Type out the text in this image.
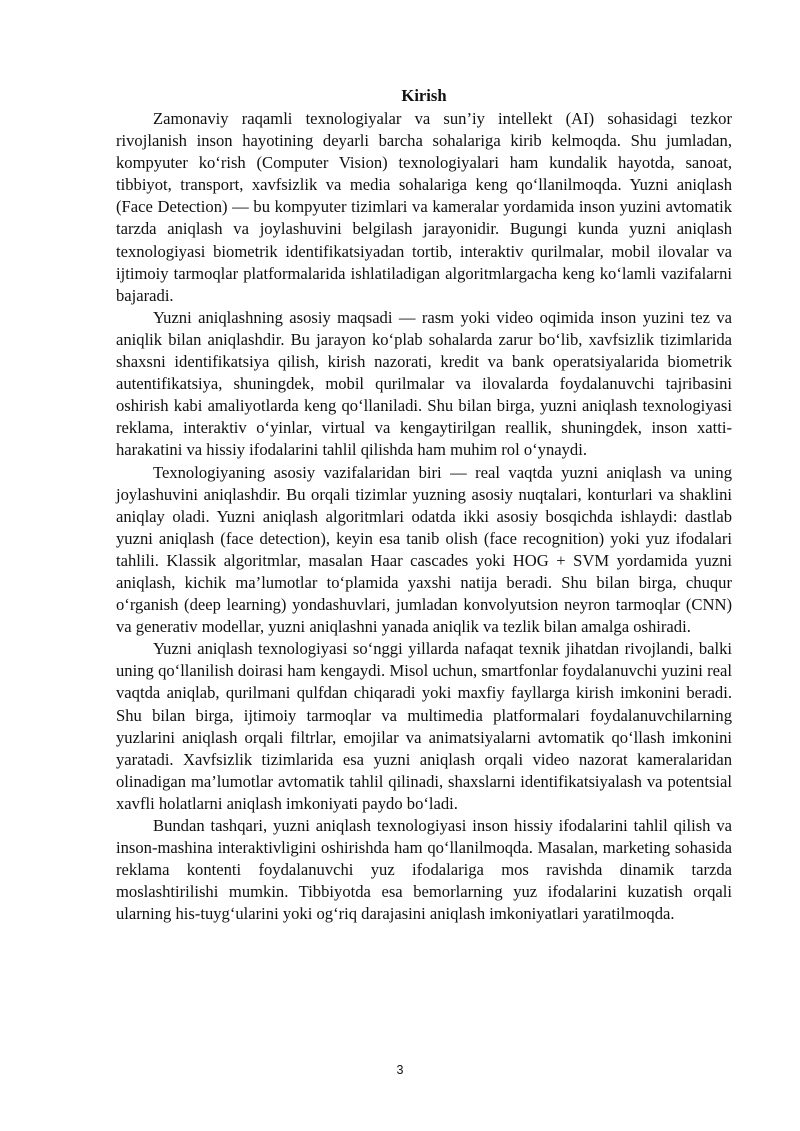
Kirish

Zamonaviy raqamli texnologiyalar va sun’iy intellekt (AI) sohasidagi tezkor rivojlanish inson hayotining deyarli barcha sohalariga kirib kelmoqda. Shu jumladan, kompyuter ko‘rish (Computer Vision) texnologiyalari ham kundalik hayotda, sanoat, tibbiyot, transport, xavfsizlik va media sohalariga keng qo‘llanilmoqda. Yuzni aniqlash (Face Detection) — bu kompyuter tizimlari va kameralar yordamida inson yuzini avtomatik tarzda aniqlash va joylashuvini belgilash jarayonidir. Bugungi kunda yuzni aniqlash texnologiyasi biometrik identifikatsiyadan tortib, interaktiv qurilmalar, mobil ilovalar va ijtimoiy tarmoqlar platformalarida ishlatiladigan algoritmlargacha keng ko‘lamli vazifalarni bajaradi.

Yuzni aniqlashning asosiy maqsadi — rasm yoki video oqimida inson yuzini tez va aniqlik bilan aniqlashdir. Bu jarayon ko‘plab sohalarda zarur bo‘lib, xavfsizlik tizimlarida shaxsni identifikatsiya qilish, kirish nazorati, kredit va bank operatsiyalarida biometrik autentifikatsiya, shuningdek, mobil qurilmalar va ilovalarda foydalanuvchi tajribasini oshirish kabi amaliyotlarda keng qo‘llaniladi. Shu bilan birga, yuzni aniqlash texnologiyasi reklama, interaktiv o‘yinlar, virtual va kengaytirilgan reallik, shuningdek, inson xatti-harakatini va hissiy ifodalarini tahlil qilishda ham muhim rol o‘ynaydi.

Texnologiyaning asosiy vazifalaridan biri — real vaqtda yuzni aniqlash va uning joylashuvini aniqlashdir. Bu orqali tizimlar yuzning asosiy nuqtalari, konturlari va shaklini aniqlay oladi. Yuzni aniqlash algoritmlari odatda ikki asosiy bosqichda ishlaydi: dastlab yuzni aniqlash (face detection), keyin esa tanib olish (face recognition) yoki yuz ifodalari tahlili. Klassik algoritmlar, masalan Haar cascades yoki HOG + SVM yordamida yuzni aniqlash, kichik ma’lumotlar to‘plamida yaxshi natija beradi. Shu bilan birga, chuqur o‘rganish (deep learning) yondashuvlari, jumladan konvolyutsion neyron tarmoqlar (CNN) va generativ modellar, yuzni aniqlashni yanada aniqlik va tezlik bilan amalga oshiradi.

Yuzni aniqlash texnologiyasi so‘nggi yillarda nafaqat texnik jihatdan rivojlandi, balki uning qo‘llanilish doirasi ham kengaydi. Misol uchun, smartfonlar foydalanuvchi yuzini real vaqtda aniqlab, qurilmani qulfdan chiqaradi yoki maxfiy fayllarga kirish imkonini beradi. Shu bilan birga, ijtimoiy tarmoqlar va multimedia platformalari foydalanuvchilarning yuzlarini aniqlash orqali filtrlar, emojilar va animatsiyalarni avtomatik qo‘llash imkonini yaratadi. Xavfsizlik tizimlarida esa yuzni aniqlash orqali video nazorat kameralaridan olinadigan ma’lumotlar avtomatik tahlil qilinadi, shaxslarni identifikatsiyalash va potentsial xavfli holatlarni aniqlash imkoniyati paydo bo‘ladi.

Bundan tashqari, yuzni aniqlash texnologiyasi inson hissiy ifodalarini tahlil qilish va inson-mashina interaktivligini oshirishda ham qo‘llanilmoqda. Masalan, marketing sohasida reklama kontenti foydalanuvchi yuz ifodalariga mos ravishda dinamik tarzda moslashtirilishi mumkin. Tibbiyotda esa bemorlarning yuz ifodalarini kuzatish orqali ularning his-tuyg‘ularini yoki og‘riq darajasini aniqlash imkoniyatlari yaratilmoqda.

3
